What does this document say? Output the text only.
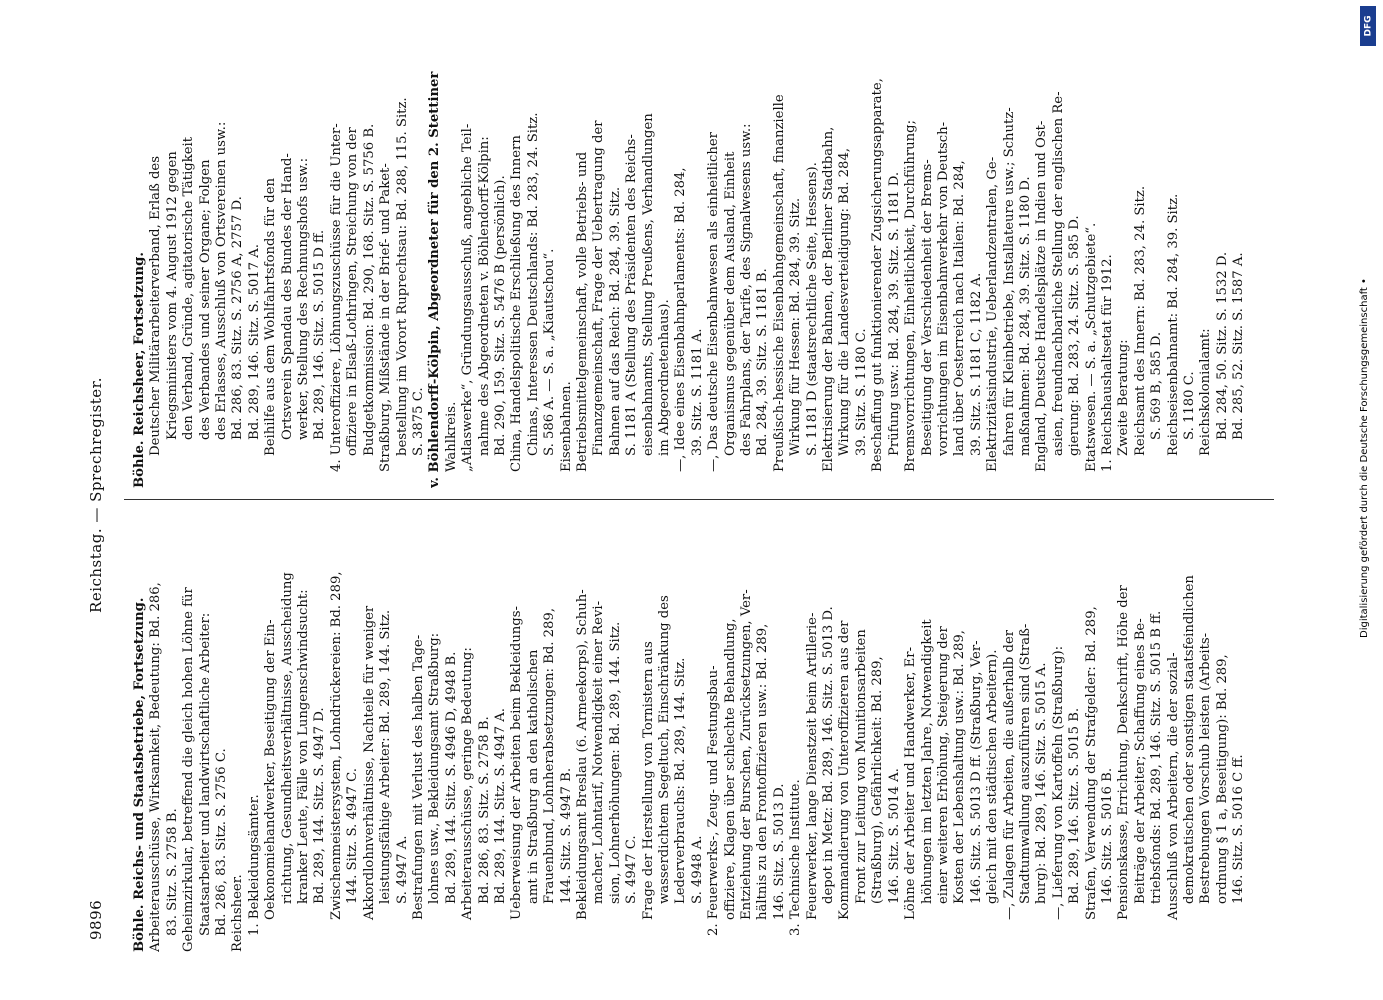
9896
Reichstag. — Sprechregister.
Böhle. Reichs- und Staatsbetriebe, Fortsetzung. Arbeiterausschüsse, Wirksamkeit, Bedeutung: Bd. 286, 83. Sitz. S. 2758 B. Geheimzirkular, betreffend die gleich hohen Löhne für Staatsarbeiter und landwirtschaftliche Arbeiter: Bd. 286, 83. Sitz. S. 2756 C. Reichsheer. 1. Bekleidungsämter. Oekonomiehandwerker, Beseitigung der Ein- richtung, Gesundheitsverhältnisse, Ausscheidung kranker Leute, Fälle von Lungenschwindsucht: Bd. 289, 144. Sitz. S. 4947 D. Zwischenmeistersystem, Lohndrückereien: Bd. 289, 144. Sitz. S. 4947 C. Akkordlohnverhältnisse, Nachteile für weniger leistungsfähige Arbeiter: Bd. 289, 144. Sitz. S. 4947 A. Bestrafungen mit Verlust des halben Tage- lohnes usw., Bekleidungsamt Straßburg: Bd. 289, 144. Sitz. S. 4946 D, 4948 B. Arbeiterausschüsse, geringe Bedeutung: Bd. 286, 83. Sitz. S. 2758 B. Bd. 289, 144. Sitz. S. 4947 A. Ueberweisung der Arbeiten beim Bekleidungs- amt in Straßburg an den katholischen Frauenbund, Lohnherabsetzungen: Bd. 289, 144. Sitz. S. 4947 B. Bekleidungsamt Breslau (6. Armeekorps), Schuh- macher, Lohntarif, Notwendigkeit einer Revi- sion, Lohnerhöhungen: Bd. 289, 144. Sitz. S. 4947 C. Frage der Herstellung von Tornistern aus wasserdichtem Segeltuch, Einschränkung des Lederverbrauchs: Bd. 289, 144. Sitz. S. 4948 A. 2. Feuerwerks-, Zeug- und Festungsbau- offiziere, Klagen über schlechte Behandlung, Entziehung der Burschen, Zurücksetzungen, Ver- hältnis zu den Frontoffizieren usw.: Bd. 289, 146. Sitz. S. 5013 D. 3. Technische Institute. Feuerwerker, lange Dienstzeit beim Artillerie- depot in Metz: Bd. 289, 146. Sitz. S. 5013 D. Kommandierung von Unteroffizieren aus der Front zur Leitung von Munitionsarbeiten (Straßburg), Gefährlichkeit: Bd. 289, 146. Sitz. S. 5014 A. Löhne der Arbeiter und Handwerker, Er- höhungen im letzten Jahre, Notwendigkeit einer weiteren Erhöhung, Steigerung der Kosten der Lebenshaltung usw.: Bd. 289, 146. Sitz. S. 5013 D ff. (Straßburg, Ver- gleich mit den städtischen Arbeitern). —, Zulagen für Arbeiten, die außerhalb der Stadtumwallung auszuführen sind (Straß- burg): Bd. 289, 146. Sitz. S. 5015 A. —, Lieferung von Kartoffeln (Straßburg): Bd. 289, 146. Sitz. S. 5015 B. Strafen, Verwendung der Strafgelder: Bd. 289, 146. Sitz. S. 5016 B. Pensionskasse, Errichtung, Denkschrift, Höhe der Beiträge der Arbeiter; Schaffung eines Be- triebsfonds: Bd. 289, 146. Sitz. S. 5015 B ff. Ausschluß von Arbeitern, die der sozial- demokratischen oder sonstigen staatsfeindlichen Bestrebungen Vorschub leisten (Arbeits- ordnung § 1 a, Beseitigung): Bd. 289, 146. Sitz. S. 5016 C ff.
Böhle. Reichsheer, Fortsetzung. Deutscher Militärarbeiterverband, Erlaß des Kriegsministers vom 4. August 1912 gegen den Verband, Gründe, agitatorische Tätigkeit des Verbandes und seiner Organe; Folgen des Erlasses, Ausschluß von Ortsvereinen usw.: Bd. 286, 83. Sitz. S. 2756 A, 2757 D. Bd. 289, 146. Sitz. S. 5017 A. Beihilfe aus dem Wohlfahrtsfonds für den Ortsverein Spandau des Bundes der Hand- werker, Stellung des Rechnungshofs usw.: Bd. 289, 146. Sitz. S. 5015 D ff. 4. Unteroffiziere, Löhnungszuschüsse für die Unter- offiziere in Elsaß-Lothringen, Streichung von der Budgetkommission: Bd. 290, 168. Sitz. S. 5756 B. Straßburg, Mißstände in der Brief- und Paket- bestellung im Vorort Ruprechtsau: Bd. 288, 115. Sitz. S. 3875 C. v. Böhlendorff-Kölpin, Abgeordneter für den 2. Stettiner Wahlkreis. „Atlaswerke“, Gründungsausschuß, angebliche Teil- nahme des Abgeordneten v. Böhlendorff-Kölpin: Bd. 290, 159. Sitz. S. 5476 B (persönlich). China, Handelspolitische Erschließung des Innern Chinas, Interessen Deutschlands: Bd. 283, 24. Sitz. S. 586 A. — S. a. „Kiautschou“. Eisenbahnen. Betriebsmittelgemeinschaft, volle Betriebs- und Finanzgemeinschaft, Frage der Uebertragung der Bahnen auf das Reich: Bd. 284, 39. Sitz. S. 1181 A (Stellung des Präsidenten des Reichs- eisenbahnamts, Stellung Preußens, Verhandlungen im Abgeordnetenhaus). —, Idee eines Eisenbahnparlaments: Bd. 284, 39. Sitz. S. 1181 A. —, Das deutsche Eisenbahnwesen als einheitlicher Organismus gegenüber dem Ausland, Einheit des Fahrplans, der Tarife, des Signalwesens usw.: Bd. 284, 39. Sitz. S. 1181 B. Preußisch-hessische Eisenbahngemeinschaft, finanzielle Wirkung für Hessen: Bd. 284, 39. Sitz. S. 1181 D (staatsrechtliche Seite, Hessens). Elektrisierung der Bahnen, der Berliner Stadtbahn, Wirkung für die Landesverteidigung: Bd. 284, 39. Sitz. S. 1180 C. Beschaffung gut funktionierender Zugsicherungsapparate, Prüfung usw.: Bd. 284, 39. Sitz. S. 1181 D. Bremsvorrichtungen, Einheitlichkeit, Durchführung; Beseitigung der Verschiedenheit der Brems- vorrichtungen im Eisenbahnverkehr von Deutsch- land über Oesterreich nach Italien: Bd. 284, 39. Sitz. S. 1181 C, 1182 A. Elektrizitätsindustrie, Ueberlandzentralen, Ge- fahren für Kleinbetriebe, Installateure usw.; Schutz- maßnahmen: Bd. 284, 39. Sitz. S. 1180 D. England, Deutsche Handelsplätze in Indien und Ost- asien, freundnachbarliche Stellung der englischen Re- gierung: Bd. 283, 24. Sitz. S. 585 D. Etatswesen. — S. a. „Schutzgebiete“. 1. Reichshaushaltsetat für 1912. Zweite Beratung: Reichsamt des Innern: Bd. 283, 24. Sitz. S. 569 B, 585 D. Reichseisenbahnamt: Bd. 284, 39. Sitz. S. 1180 C. Reichskolonialamt: Bd. 284, 50. Sitz. S. 1532 D. Bd. 285, 52. Sitz. S. 1587 A.
DFG
Digitalisierung gefördert durch die Deutsche Forschungsgemeinschaft •
